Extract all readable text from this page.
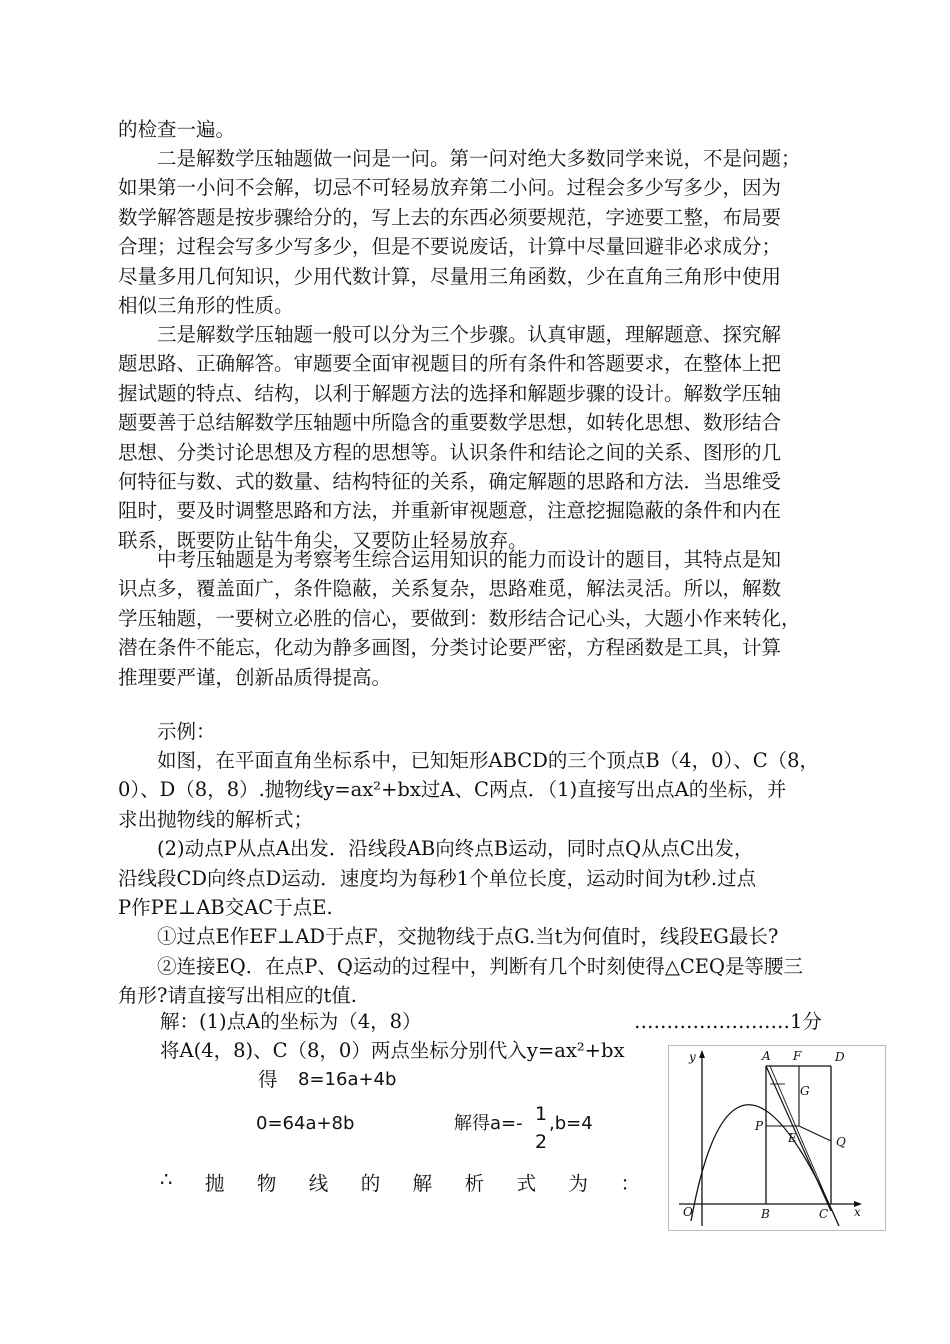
的检查一遍。

二是解数学压轴题做一问是一问。第一问对绝大多数同学来说，不是问题；
如果第一小问不会解，切忌不可轻易放弃第二小问。过程会多少写多少，因为
数学解答题是按步骤给分的，写上去的东西必须要规范，字迹要工整，布局要
合理；过程会写多少写多少，但是不要说废话，计算中尽量回避非必求成分；
尽量多用几何知识，少用代数计算，尽量用三角函数，少在直角三角形中使用
相似三角形的性质。

三是解数学压轴题一般可以分为三个步骤。认真审题，理解题意、探究解
题思路、正确解答。审题要全面审视题目的所有条件和答题要求，在整体上把
握试题的特点、结构，以利于解题方法的选择和解题步骤的设计。解数学压轴
题要善于总结解数学压轴题中所隐含的重要数学思想，如转化思想、数形结合
思想、分类讨论思想及方程的思想等。认识条件和结论之间的关系、图形的几
何特征与数、式的数量、结构特征的关系，确定解题的思路和方法．当思维受
阻时，要及时调整思路和方法，并重新审视题意，注意挖掘隐蔽的条件和内在
联系，既要防止钻牛角尖，又要防止轻易放弃。

中考压轴题是为考察考生综合运用知识的能力而设计的题目，其特点是知
识点多，覆盖面广，条件隐蔽，关系复杂，思路难觅，解法灵活。所以，解数
学压轴题，一要树立必胜的信心，要做到：数形结合记心头，大题小作来转化，
潜在条件不能忘，化动为静多画图，分类讨论要严密，方程函数是工具，计算
推理要严谨，创新品质得提高。

示例：

如图，在平面直角坐标系中，已知矩形ABCD的三个顶点B（4，0）、C（8，
0）、D（8，8）.抛物线y=ax²+bx过A、C两点．（1)直接写出点A的坐标，并
求出抛物线的解析式；
(2)动点P从点A出发．沿线段AB向终点B运动，同时点Q从点C出发，
沿线段CD向终点D运动．速度均为每秒1个单位长度，运动时间为t秒.过点
P作PE⊥AB交AC于点E.
①过点E作EF⊥AD于点F，交抛物线于点G.当t为何值时，线段EG最长?
②连接EQ．在点P、Q运动的过程中，判断有几个时刻使得△CEQ是等腰三
角形?请直接写出相应的t值.

解：(1)点A的坐标为（4，8）	……………………1分
将A(4，8)、C（8，0）两点坐标分别代入y=ax²+bx
得 8=16a+4b
0=64a+8b	解得a=- 1
2
,b=4
∴ 抛 物 线 的 解 析 式 为 ：
y	A F	D
G
P
E	Q
O	B	C x
